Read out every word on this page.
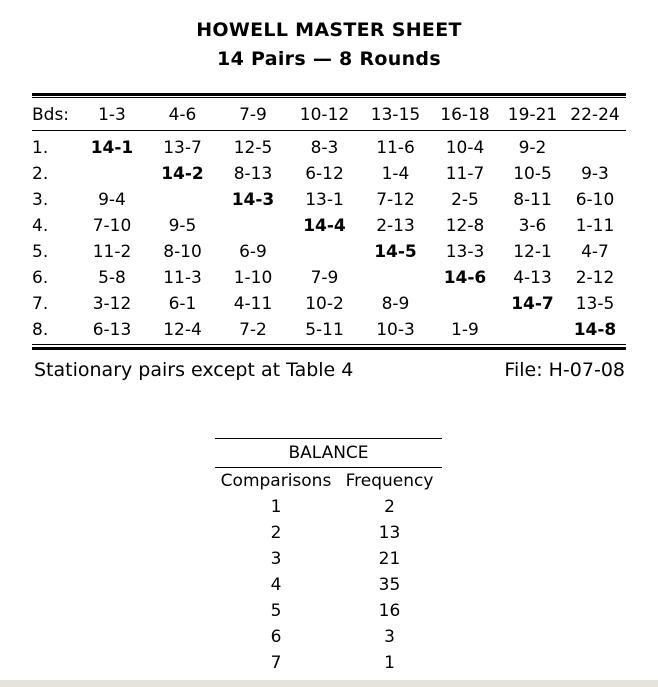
HOWELL MASTER SHEET
14 Pairs — 8 Rounds
Bds:	1-3	4-6	7-9	10-12	13-15	16-18	19-21	22-24
1.	14-1	13-7	12-5	8-3	11-6	10-4	9-2	
2.		14-2	8-13	6-12	1-4	11-7	10-5	9-3
3.	9-4		14-3	13-1	7-12	2-5	8-11	6-10
4.	7-10	9-5		14-4	2-13	12-8	3-6	1-11
5.	11-2	8-10	6-9		14-5	13-3	12-1	4-7
6.	5-8	11-3	1-10	7-9		14-6	4-13	2-12
7.	3-12	6-1	4-11	10-2	8-9		14-7	13-5
8.	6-13	12-4	7-2	5-11	10-3	1-9		14-8
Stationary pairs except at Table 4	File: H-07-08
BALANCE
Comparisons	Frequency
1	2
2	13
3	21
4	35
5	16
6	3
7	1
